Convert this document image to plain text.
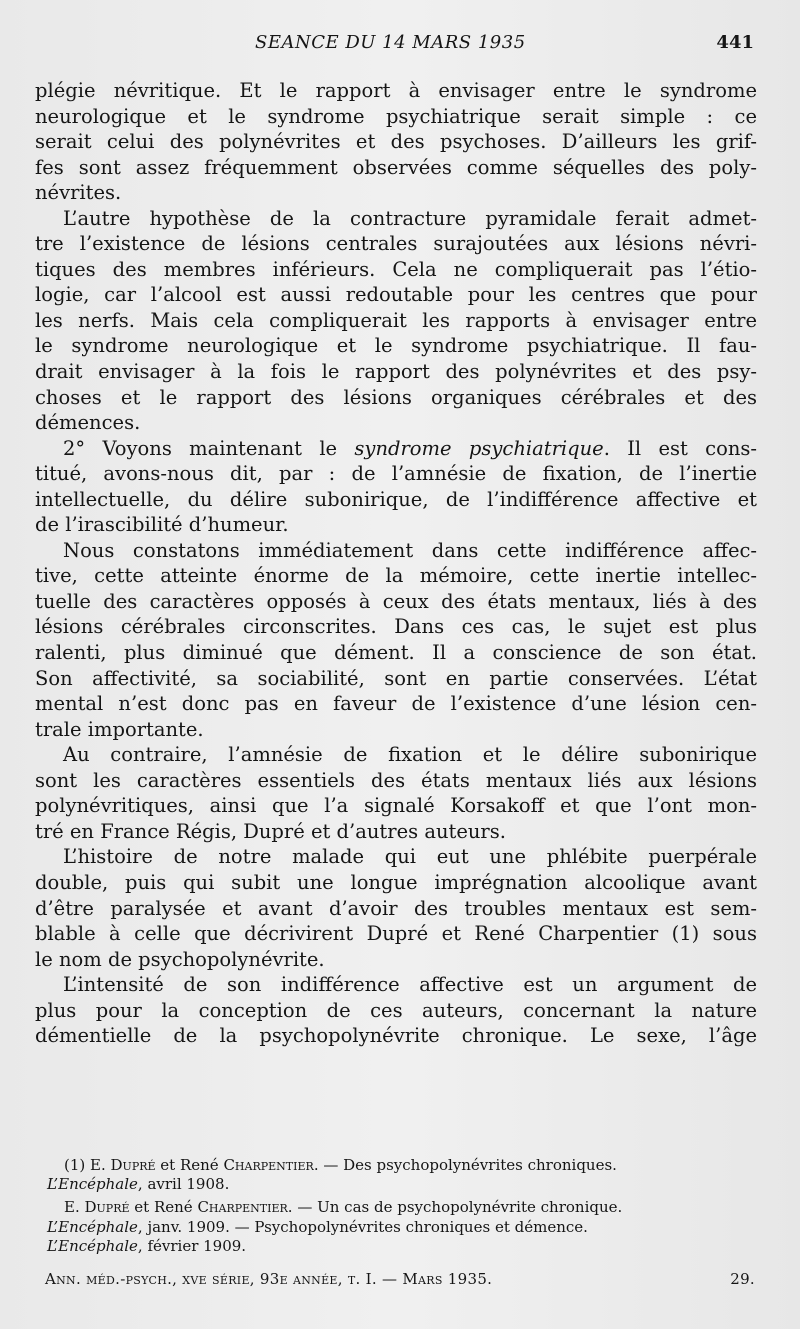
SEANCE DU 14 MARS 1935	441
plégie névritique. Et le rapport à envisager entre le syndrome
neurologique et le syndrome psychiatrique serait simple : ce
serait celui des polynévrites et des psychoses. D’ailleurs les grif-
fes sont assez fréquemment observées comme séquelles des poly-
névrites.
L’autre hypothèse de la contracture pyramidale ferait admet-
tre l’existence de lésions centrales surajoutées aux lésions névri-
tiques des membres inférieurs. Cela ne compliquerait pas l’étio-
logie, car l’alcool est aussi redoutable pour les centres que pour
les nerfs. Mais cela compliquerait les rapports à envisager entre
le syndrome neurologique et le syndrome psychiatrique. Il fau-
drait envisager à la fois le rapport des polynévrites et des psy-
choses et le rapport des lésions organiques cérébrales et des
démences.
2° Voyons maintenant le syndrome psychiatrique. Il est cons-
titué, avons-nous dit, par : de l’amnésie de fixation, de l’inertie
intellectuelle, du délire subonirique, de l’indifférence affective et
de l’irascibilité d’humeur.
Nous constatons immédiatement dans cette indifférence affec-
tive, cette atteinte énorme de la mémoire, cette inertie intellec-
tuelle des caractères opposés à ceux des états mentaux, liés à des
lésions cérébrales circonscrites. Dans ces cas, le sujet est plus
ralenti, plus diminué que dément. Il a conscience de son état.
Son affectivité, sa sociabilité, sont en partie conservées. L’état
mental n’est donc pas en faveur de l’existence d’une lésion cen-
trale importante.
Au contraire, l’amnésie de fixation et le délire subonirique
sont les caractères essentiels des états mentaux liés aux lésions
polynévritiques, ainsi que l’a signalé Korsakoff et que l’ont mon-
tré en France Régis, Dupré et d’autres auteurs.
L’histoire de notre malade qui eut une phlébite puerpérale
double, puis qui subit une longue imprégnation alcoolique avant
d’être paralysée et avant d’avoir des troubles mentaux est sem-
blable à celle que décrivirent Dupré et René Charpentier (1) sous
le nom de psychopolynévrite.
L’intensité de son indifférence affective est un argument de
plus pour la conception de ces auteurs, concernant la nature
démentielle de la psychopolynévrite chronique. Le sexe, l’âge
(1) E. Dupré et René Charpentier. — Des psychopolynévrites chroniques.
L’Encéphale, avril 1908.
E. Dupré et René Charpentier. — Un cas de psychopolynévrite chronique.
L’Encéphale, janv. 1909. — Psychopolynévrites chroniques et démence.
L’Encéphale, février 1909.
Ann. méd.-psych., xve série, 93e année, t. I. — Mars 1935.	29.
